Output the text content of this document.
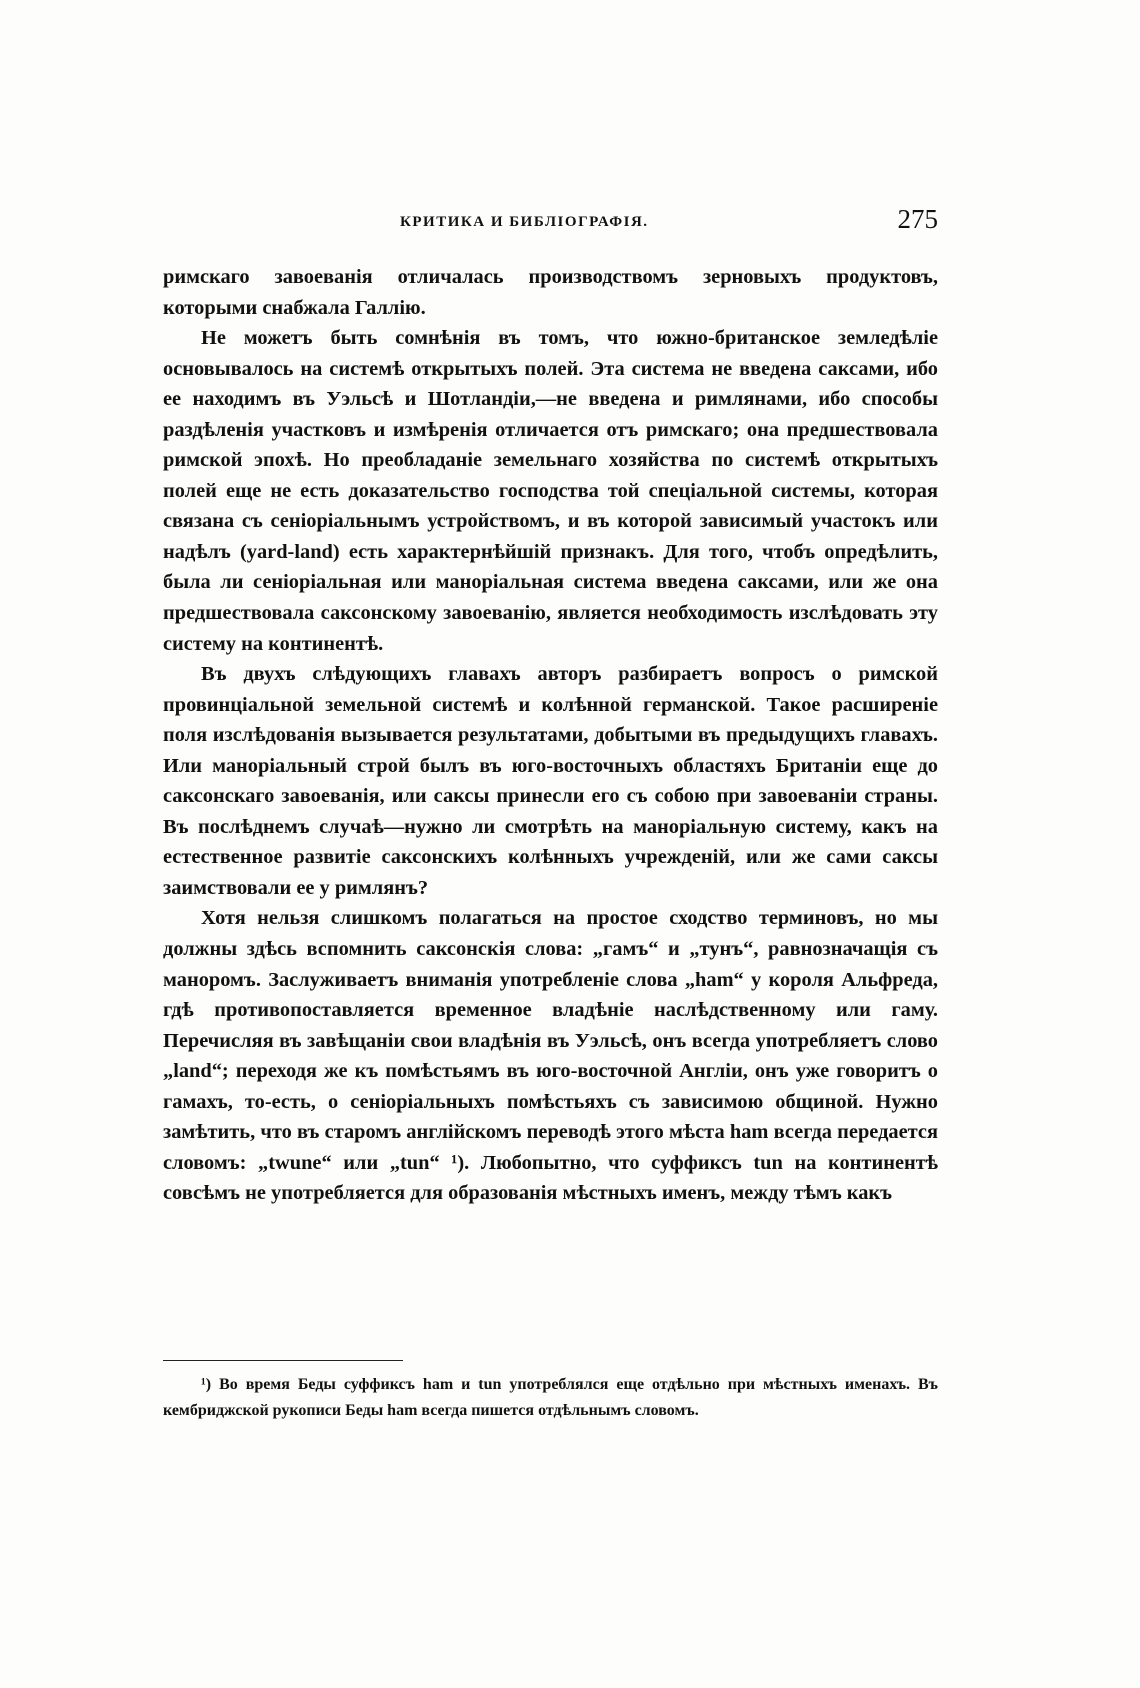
КРИТИКА И БИБЛIОГРАФIЯ.	275

римскаго завоеванiя отличалась производствомъ зерновыхъ продуктовъ, которыми снабжала Галлiю.

Не можетъ быть сомнѣнiя въ томъ, что южно-британское земледѣлiе основывалось на системѣ открытыхъ полей. Эта система не введена саксами, ибо ее находимъ въ Уэльсѣ и Шотландiи,—не введена и римлянами, ибо способы раздѣленiя участковъ и измѣренiя отличается отъ римскаго; она предшествовала римской эпохѣ. Но преобладанiе земельнаго хозяйства по системѣ открытыхъ полей еще не есть доказательство господства той спецiальной системы, которая связана съ сенiорiальнымъ устройствомъ, и въ которой зависимый участокъ или надѣлъ (yard-land) есть характернѣйшiй признакъ. Для того, чтобъ опредѣлить, была ли сенiорiальная или манорiальная система введена саксами, или же она предшествовала саксонскому завоеванiю, является необходимость изслѣдовать эту систему на континентѣ.

Въ двухъ слѣдующихъ главахъ авторъ разбираетъ вопросъ о римской провинцiальной земельной системѣ и колѣнной германской. Такое расширенiе поля изслѣдованiя вызывается результатами, добытыми въ предыдущихъ главахъ. Или манорiальный строй былъ въ юго-восточныхъ областяхъ Британiи еще до саксонскаго завоеванiя, или саксы принесли его съ собою при завоеванiи страны. Въ послѣднемъ случаѣ—нужно ли смотрѣть на манорiальную систему, какъ на естественное развитiе саксонскихъ колѣнныхъ учрежденiй, или же сами саксы заимствовали ее у римлянъ?

Хотя нельзя слишкомъ полагаться на простое сходство терминовъ, но мы должны здѣсь вспомнить саксонскiя слова: „гамъ“ и „тунъ“, равнозначащiя съ маноромъ. Заслуживаетъ вниманiя употребленiе слова „ham“ у короля Альфреда, гдѣ противопоставляется временное владѣнiе наслѣдственному или гаму. Перечисляя въ завѣщанiи свои владѣнiя въ Уэльсѣ, онъ всегда употребляетъ слово „land“; переходя же къ помѣстьямъ въ юго-восточной Англiи, онъ уже говоритъ о гамахъ, то-есть, о сенiорiальныхъ помѣстьяхъ съ зависимою общиной. Нужно замѣтить, что въ старомъ англiйскомъ переводѣ этого мѣста ham всегда передается словомъ: „twune“ или „tun“ ¹). Любопытно, что суффиксъ tun на континентѣ совсѣмъ не употребляется для образованiя мѣстныхъ именъ, между тѣмъ какъ

¹) Во время Беды суффиксъ ham и tun употреблялся еще отдѣльно при мѣстныхъ именахъ. Въ кембриджской рукописи Беды ham всегда пишется отдѣльнымъ словомъ.
